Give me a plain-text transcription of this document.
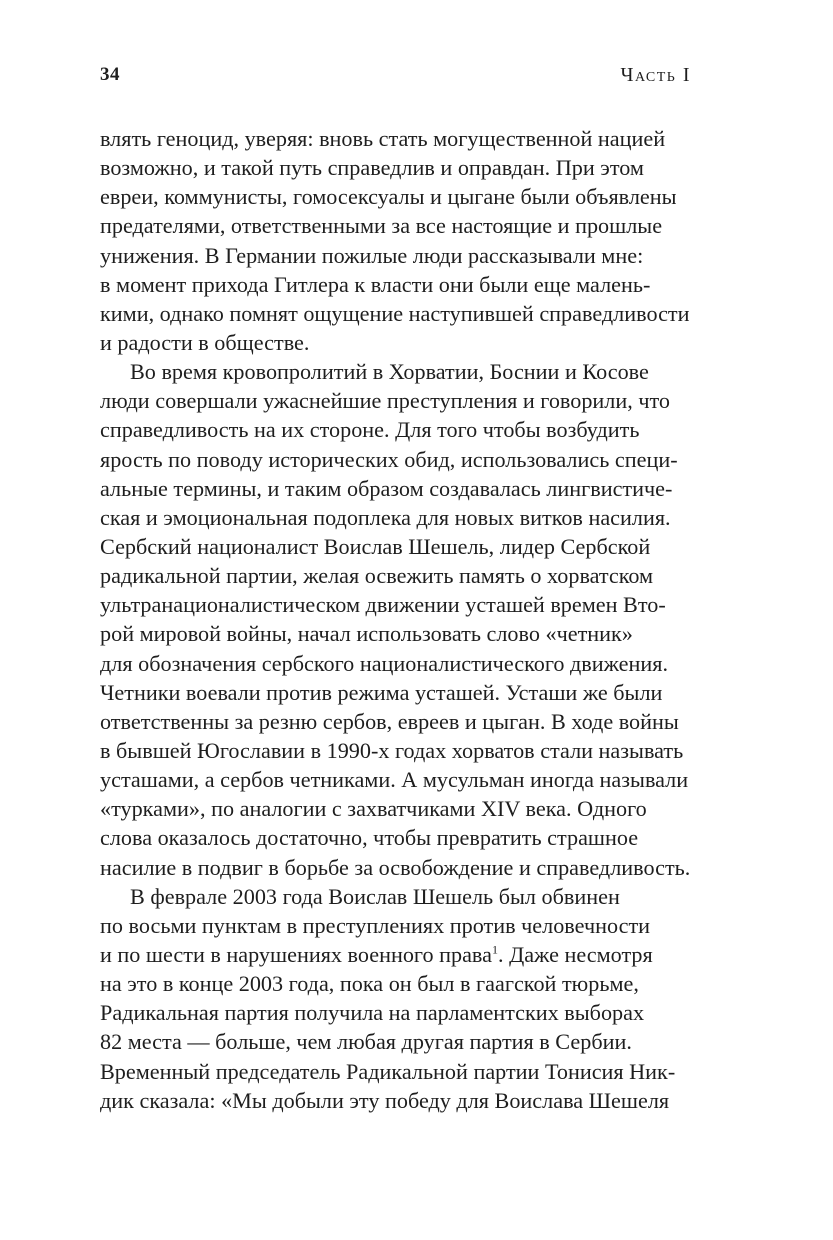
34	Часть I
влять геноцид, уверяя: вновь стать могущественной нацией
возможно, и такой путь справедлив и оправдан. При этом
евреи, коммунисты, гомосексуалы и цыгане были объявлены
предателями, ответственными за все настоящие и прошлые
унижения. В Германии пожилые люди рассказывали мне:
в момент прихода Гитлера к власти они были еще малень-
кими, однако помнят ощущение наступившей справедливости
и радости в обществе.
Во время кровопролитий в Хорватии, Боснии и Косове
люди совершали ужаснейшие преступления и говорили, что
справедливость на их стороне. Для того чтобы возбудить
ярость по поводу исторических обид, использовались специ-
альные термины, и таким образом создавалась лингвистиче-
ская и эмоциональная подоплека для новых витков насилия.
Сербский националист Воислав Шешель, лидер Сербской
радикальной партии, желая освежить память о хорватском
ультранационалистическом движении усташей времен Вто-
рой мировой войны, начал использовать слово «четник»
для обозначения сербского националистического движения.
Четники воевали против режима усташей. Усташи же были
ответственны за резню сербов, евреев и цыган. В ходе войны
в бывшей Югославии в 1990-х годах хорватов стали называть
усташами, а сербов четниками. А мусульман иногда называли
«турками», по аналогии с захватчиками XIV века. Одного
слова оказалось достаточно, чтобы превратить страшное
насилие в подвиг в борьбе за освобождение и справедливость.
В феврале 2003 года Воислав Шешель был обвинен
по восьми пунктам в преступлениях против человечности
и по шести в нарушениях военного права$^1$. Даже несмотря
на это в конце 2003 года, пока он был в гаагской тюрьме,
Радикальная партия получила на парламентских выборах
82 места — больше, чем любая другая партия в Сербии.
Временный председатель Радикальной партии Тонисия Ник-
дик сказала: «Мы добыли эту победу для Воислава Шешеля
